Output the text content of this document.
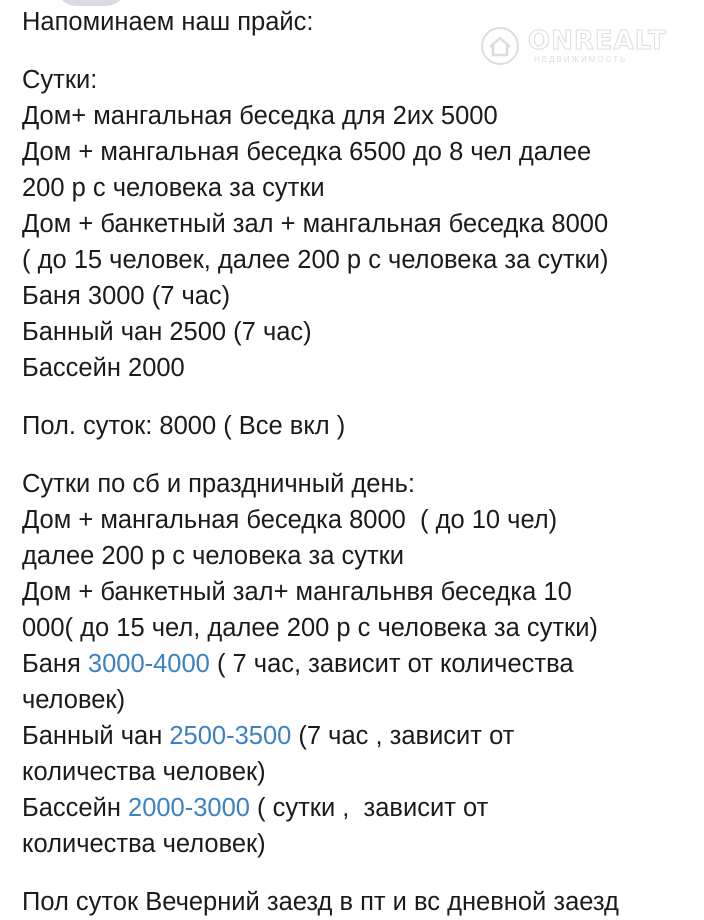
ONREALT
НЕДВИЖИМОСТЬ
Напоминаем наш прайс:
Сутки:
Дом+ мангальная беседка для 2их 5000
Дом + мангальная беседка 6500 до 8 чел далее
200 р с человека за сутки
Дом + банкетный зал + мангальная беседка 8000
( до 15 человек, далее 200 р с человека за сутки)
Баня 3000 (7 час)
Банный чан 2500 (7 час)
Бассейн 2000
Пол. суток: 8000 ( Все вкл )
Сутки по сб и праздничный день:
Дом + мангальная беседка 8000  ( до 10 чел)
далее 200 р с человека за сутки
Дом + банкетный зал+ мангальнвя беседка 10
000( до 15 чел, далее 200 р с человека за сутки)
Баня 3000-4000 ( 7 час, зависит от количества
человек)
Банный чан 2500-3500 (7 час , зависит от
количества человек)
Бассейн 2000-3000 ( сутки ,  зависит от
количества человек)
Пол суток Вечерний заезд в пт и вс дневной заезд
